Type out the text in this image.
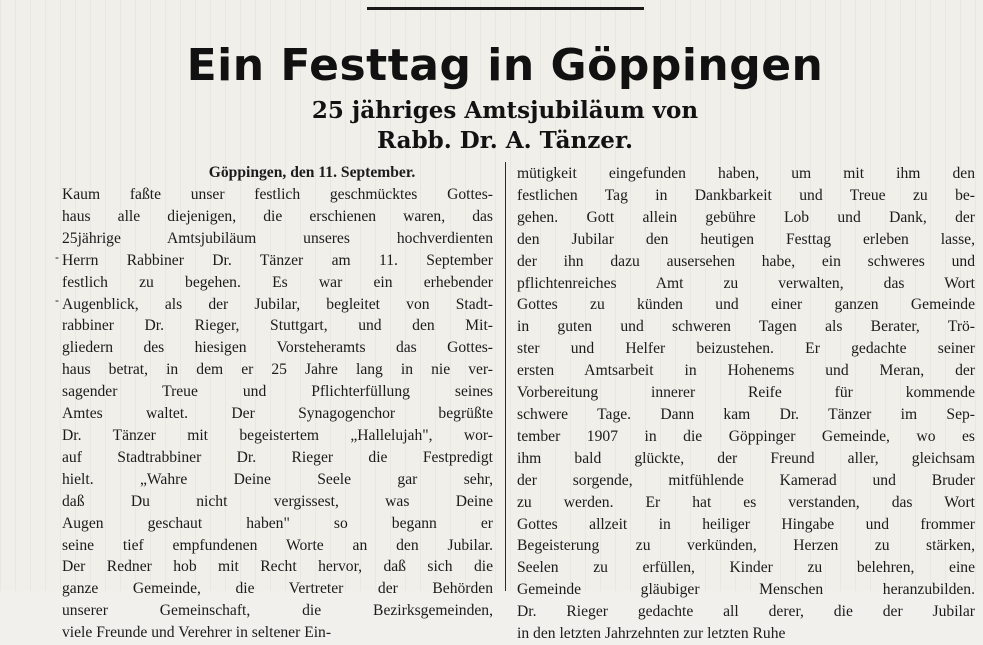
Ein Festtag in Göppingen
25 jähriges Amtsjubiläum von
Rabb. Dr. A. Tänzer.
Göppingen, den 11. September.
Kaum faßte unser festlich geschmücktes Gottes-
haus alle diejenigen, die erschienen waren, das
25jährige Amtsjubiläum unseres hochverdienten
Herrn Rabbiner Dr. Tänzer am 11. September
festlich zu begehen. Es war ein erhebender
Augenblick, als der Jubilar, begleitet von Stadt-
rabbiner Dr. Rieger, Stuttgart, und den Mit-
gliedern des hiesigen Vorsteheramts das Gottes-
haus betrat, in dem er 25 Jahre lang in nie ver-
sagender Treue und Pflichterfüllung seines
Amtes waltet. Der Synagogenchor begrüßte
Dr. Tänzer mit begeistertem „Hallelujah", wor-
auf Stadtrabbiner Dr. Rieger die Festpredigt
hielt. „Wahre Deine Seele gar sehr,
daß Du nicht vergissest, was Deine
Augen geschaut haben" so begann er
seine tief empfundenen Worte an den Jubilar.
Der Redner hob mit Recht hervor, daß sich die
ganze Gemeinde, die Vertreter der Behörden
unserer Gemeinschaft, die Bezirksgemeinden,
viele Freunde und Verehrer in seltener Ein-
mütigkeit eingefunden haben, um mit ihm den
festlichen Tag in Dankbarkeit und Treue zu be-
gehen. Gott allein gebühre Lob und Dank, der
den Jubilar den heutigen Festtag erleben lasse,
der ihn dazu ausersehen habe, ein schweres und
pflichtenreiches Amt zu verwalten, das Wort
Gottes zu künden und einer ganzen Gemeinde
in guten und schweren Tagen als Berater, Trö-
ster und Helfer beizustehen. Er gedachte seiner
ersten Amtsarbeit in Hohenems und Meran, der
Vorbereitung innerer Reife für kommende
schwere Tage. Dann kam Dr. Tänzer im Sep-
tember 1907 in die Göppinger Gemeinde, wo es
ihm bald glückte, der Freund aller, gleichsam
der sorgende, mitfühlende Kamerad und Bruder
zu werden. Er hat es verstanden, das Wort
Gottes allzeit in heiliger Hingabe und frommer
Begeisterung zu verkünden, Herzen zu stärken,
Seelen zu erfüllen, Kinder zu belehren, eine
Gemeinde gläubiger Menschen heranzubilden.
Dr. Rieger gedachte all derer, die der Jubilar
in den letzten Jahrzehnten zur letzten Ruhe
-
-
